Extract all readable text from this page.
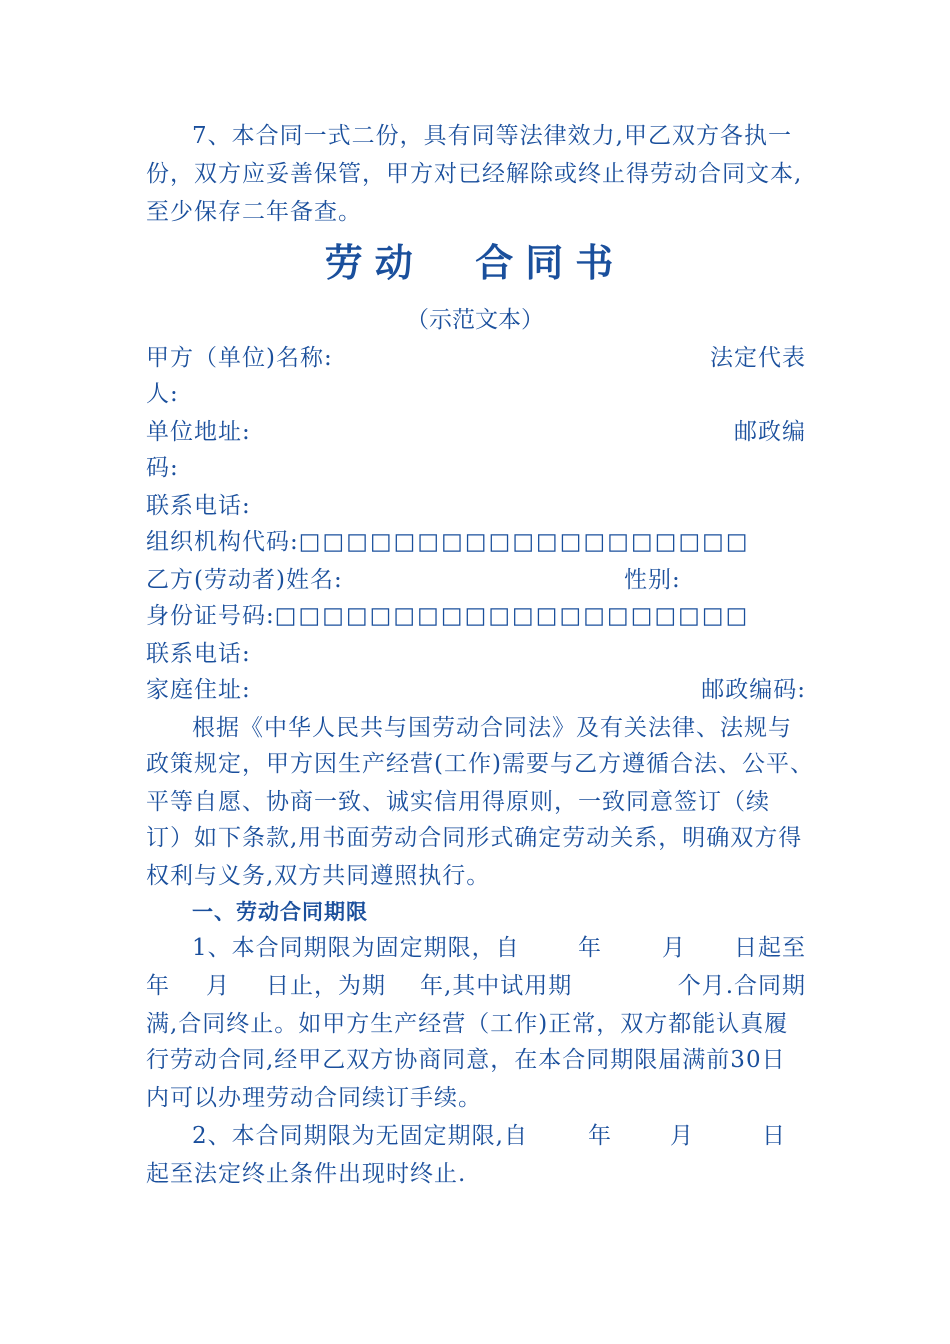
7、本合同一式二份，具有同等法律效力,甲乙双方各执一
份，双方应妥善保管，甲方对已经解除或终止得劳动合同文本,
至少保存二年备查。
劳动  合同书
（示范文本）
甲方（单位)名称:	法定代表
人:
单位地址:	邮政编
码:
联系电话:
组织机构代码:□□□□□□□□□□□□□□□□□□□
乙方(劳动者)姓名:	性别:
身份证号码:□□□□□□□□□□□□□□□□□□□□
联系电话:
家庭住址:	邮政编码:
根据《中华人民共与国劳动合同法》及有关法律、法规与
政策规定，甲方因生产经营(工作)需要与乙方遵循合法、公平、
平等自愿、协商一致、诚实信用得原则，一致同意签订（续
订）如下条款,用书面劳动合同形式确定劳动关系，明确双方得
权利与义务,双方共同遵照执行。
一、劳动合同期限
1、本合同期限为固定期限，自	年	月 日起至
年 月 日止，为期 年,其中试用期	个月.合同期
满,合同终止。如甲方生产经营（工作)正常，双方都能认真履
行劳动合同,经甲乙双方协商同意，在本合同期限届满前30日
内可以办理劳动合同续订手续。
2、本合同期限为无固定期限,自	年	月	日
起至法定终止条件出现时终止.
